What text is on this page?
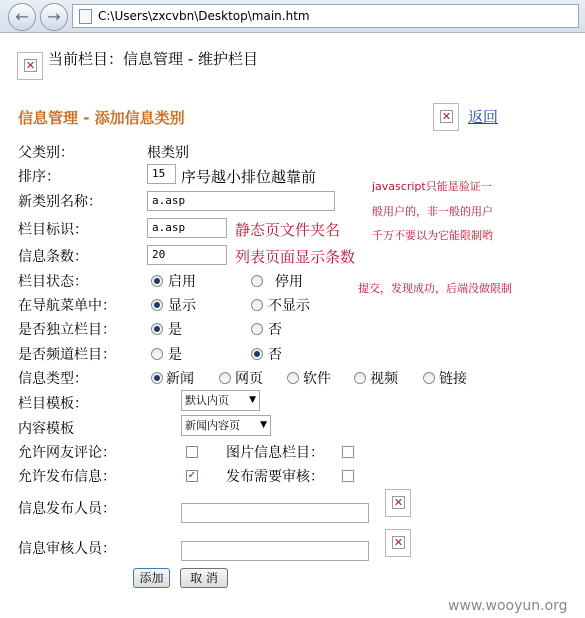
←	→	C:\Users\zxcvbn\Desktop\main.htm
✕ 当前栏目：信息管理 - 维护栏目
信息管理 - 添加信息类别	✕ 返回
父类别：	根类别
排序：	15	序号越小排位越靠前
新类别名称：	a.asp
栏目标识：	a.asp	静态页文件夹名
信息条数：	20	列表页面显示条数
栏目状态：	启用	停用
在导航菜单中：	显示	不显示
是否独立栏目：	是	否
是否频道栏目：	是	否
信息类型：	新闻	网页	软件	视频	链接
栏目模板：	默认内页 ▼
内容模板	新闻内容页 ▼
允许网友评论：	图片信息栏目：
允许发布信息：	✓ 发布需要审核：
信息发布人员：	✕
信息审核人员：	✕
添加	取 消
javascript只能是验证一
般用户的，非一般的用户
千万不要以为它能限制哟
提交，发现成功，后端没做限制
www.wooyun.org
